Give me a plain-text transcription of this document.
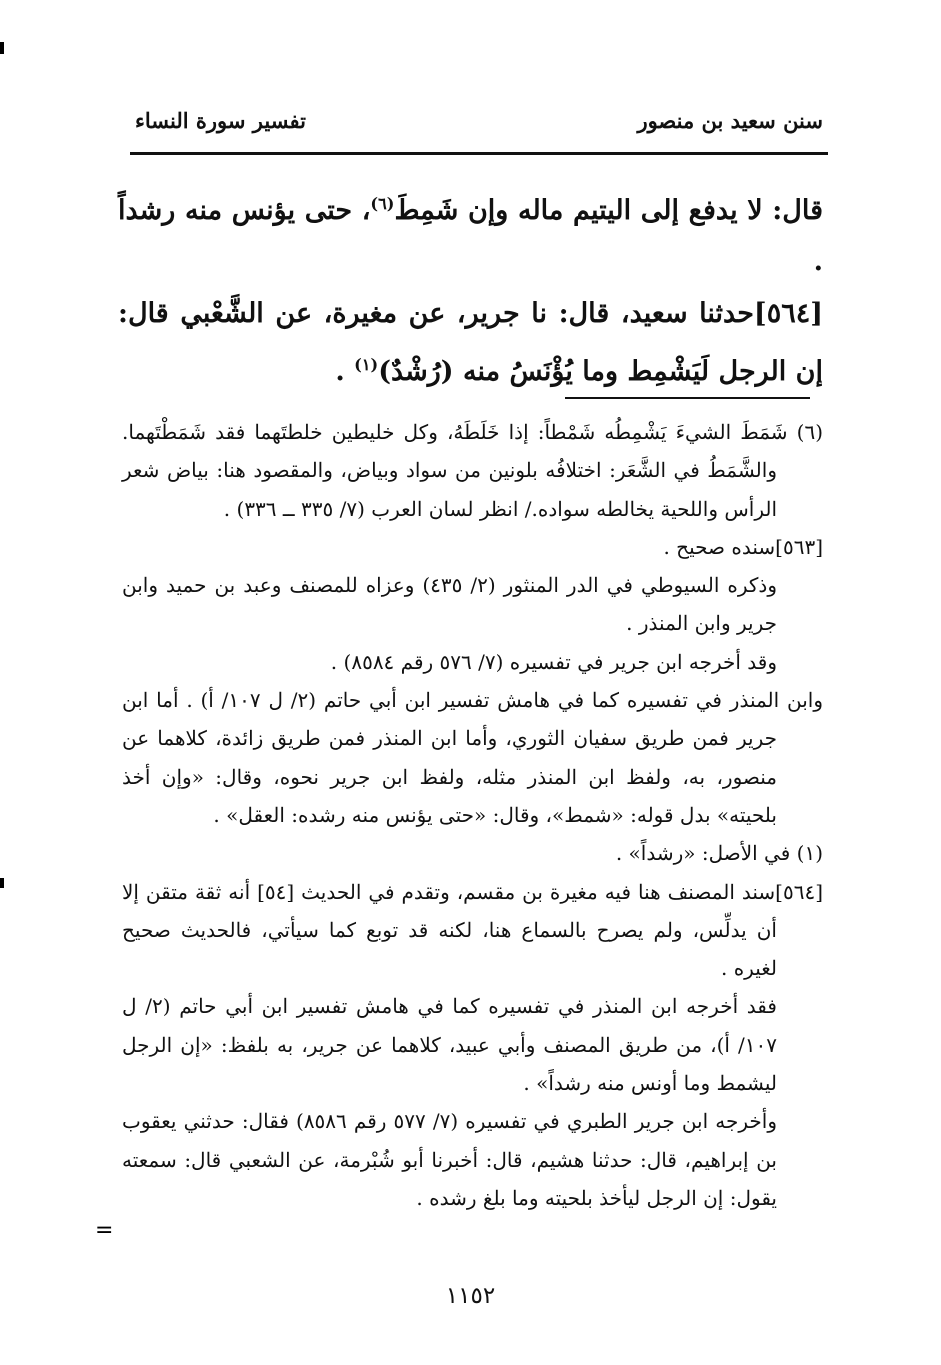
=
سنن سعيد بن منصور
تفسير سورة النساء

قال: لا يدفع إلى اليتيم ماله وإن شَمِطَ$^{(٦)}$، حتى يؤنس منه رشداً .

[٥٦٤]حدثنا سعيد، قال: نا جرير، عن مغيرة، عن الشَّعْبي قال: إن الرجل لَيَشْمِط وما يُؤْنَسُ منه (رُشْدٌ)$^{(١)}$ .

(٦) شَمَطَ الشيءَ يَشْمِطُه شَمْطاً: إذا خَلَطَهُ، وكل خليطين خلطتَهما فقد شَمَطْتَهما. والشَّمَطُ في الشَّعَر: اختلافُه بلونين من سواد وبياض، والمقصود هنا: بياض شعر الرأس واللحية يخالطه سواده./ انظر لسان العرب (٧/ ٣٣٥ ــ ٣٣٦) .

[٥٦٣]سنده صحيح .

وذكره السيوطي في الدر المنثور (٢/ ٤٣٥) وعزاه للمصنف وعبد بن حميد وابن جرير وابن المنذر .

وقد أخرجه ابن جرير في تفسيره (٧/ ٥٧٦ رقم ٨٥٨٤) .

وابن المنذر في تفسيره كما في هامش تفسير ابن أبي حاتم (٢/ ل ١٠٧/ أ) . أما ابن جرير فمن طريق سفيان الثوري، وأما ابن المنذر فمن طريق زائدة، كلاهما عن منصور، به، ولفظ ابن المنذر مثله، ولفظ ابن جرير نحوه، وقال: «وإن أخذ بلحيته» بدل قوله: «شمط»، وقال: «حتى يؤنس منه رشده: العقل» .

(١) في الأصل: «رشداً» .

[٥٦٤]سند المصنف هنا فيه مغيرة بن مقسم، وتقدم في الحديث [٥٤] أنه ثقة متقن إلا أن يدلِّس، ولم يصرح بالسماع هنا، لكنه قد توبع كما سيأتي، فالحديث صحيح لغيره .

فقد أخرجه ابن المنذر في تفسيره كما في هامش تفسير ابن أبي حاتم (٢/ ل ١٠٧/ أ)، من طريق المصنف وأبي عبيد، كلاهما عن جرير، به بلفظ: «إن الرجل ليشمط وما أونس منه رشداً» .

وأخرجه ابن جرير الطبري في تفسيره (٧/ ٥٧٧ رقم ٨٥٨٦) فقال: حدثني يعقوب بن إبراهيم، قال: حدثنا هشيم، قال: أخبرنا أبو شُبْرمة، عن الشعبي قال: سمعته يقول: إن الرجل ليأخذ بلحيته وما بلغ رشده .

١١٥٢
